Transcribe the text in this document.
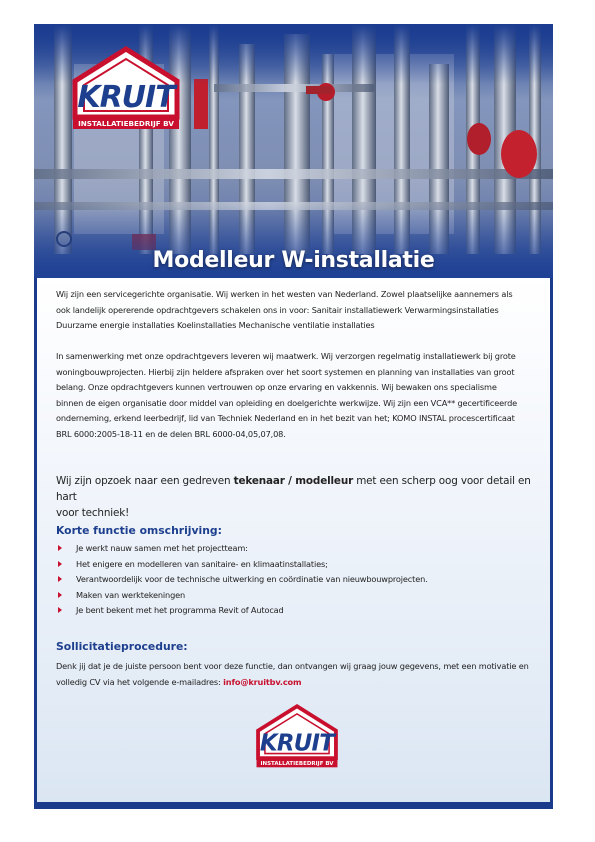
Modelleur W-installatie
KRUIT
INSTALLATIEBEDRIJF BV
Wij zijn een servicegerichte organisatie. Wij werken in het westen van Nederland. Zowel plaatselijke aannemers als
ook landelijk opererende opdrachtgevers schakelen ons in voor: Sanitair installatiewerk Verwarmingsinstallaties
Duurzame energie installaties Koelinstallaties Mechanische ventilatie installaties
In samenwerking met onze opdrachtgevers leveren wij maatwerk. Wij verzorgen regelmatig installatiewerk bij grote
woningbouwprojecten. Hierbij zijn heldere afspraken over het soort systemen en planning van installaties van groot
belang. Onze opdrachtgevers kunnen vertrouwen op onze ervaring en vakkennis. Wij bewaken ons specialisme
binnen de eigen organisatie door middel van opleiding en doelgerichte werkwijze. Wij zijn een VCA** gecertificeerde
onderneming, erkend leerbedrijf, lid van Techniek Nederland en in het bezit van het; KOMO INSTAL procescertificaat
BRL 6000:2005-18-11 en de delen BRL 6000-04,05,07,08.
Wij zijn opzoek naar een gedreven tekenaar / modelleur met een scherp oog voor detail en hart
voor techniek!
Korte functie omschrijving:
Je werkt nauw samen met het projectteam:
Het enigere en modelleren van sanitaire- en klimaatinstallaties;
Verantwoordelijk voor de technische uitwerking en coördinatie van nieuwbouwprojecten.
Maken van werktekeningen
Je bent bekent met het programma Revit of Autocad
Sollicitatieprocedure:
Denk jij dat je de juiste persoon bent voor deze functie, dan ontvangen wij graag jouw gegevens, met een motivatie en
volledig CV via het volgende e-mailadres: info@kruitbv.com
KRUIT
INSTALLATIEBEDRIJF BV
